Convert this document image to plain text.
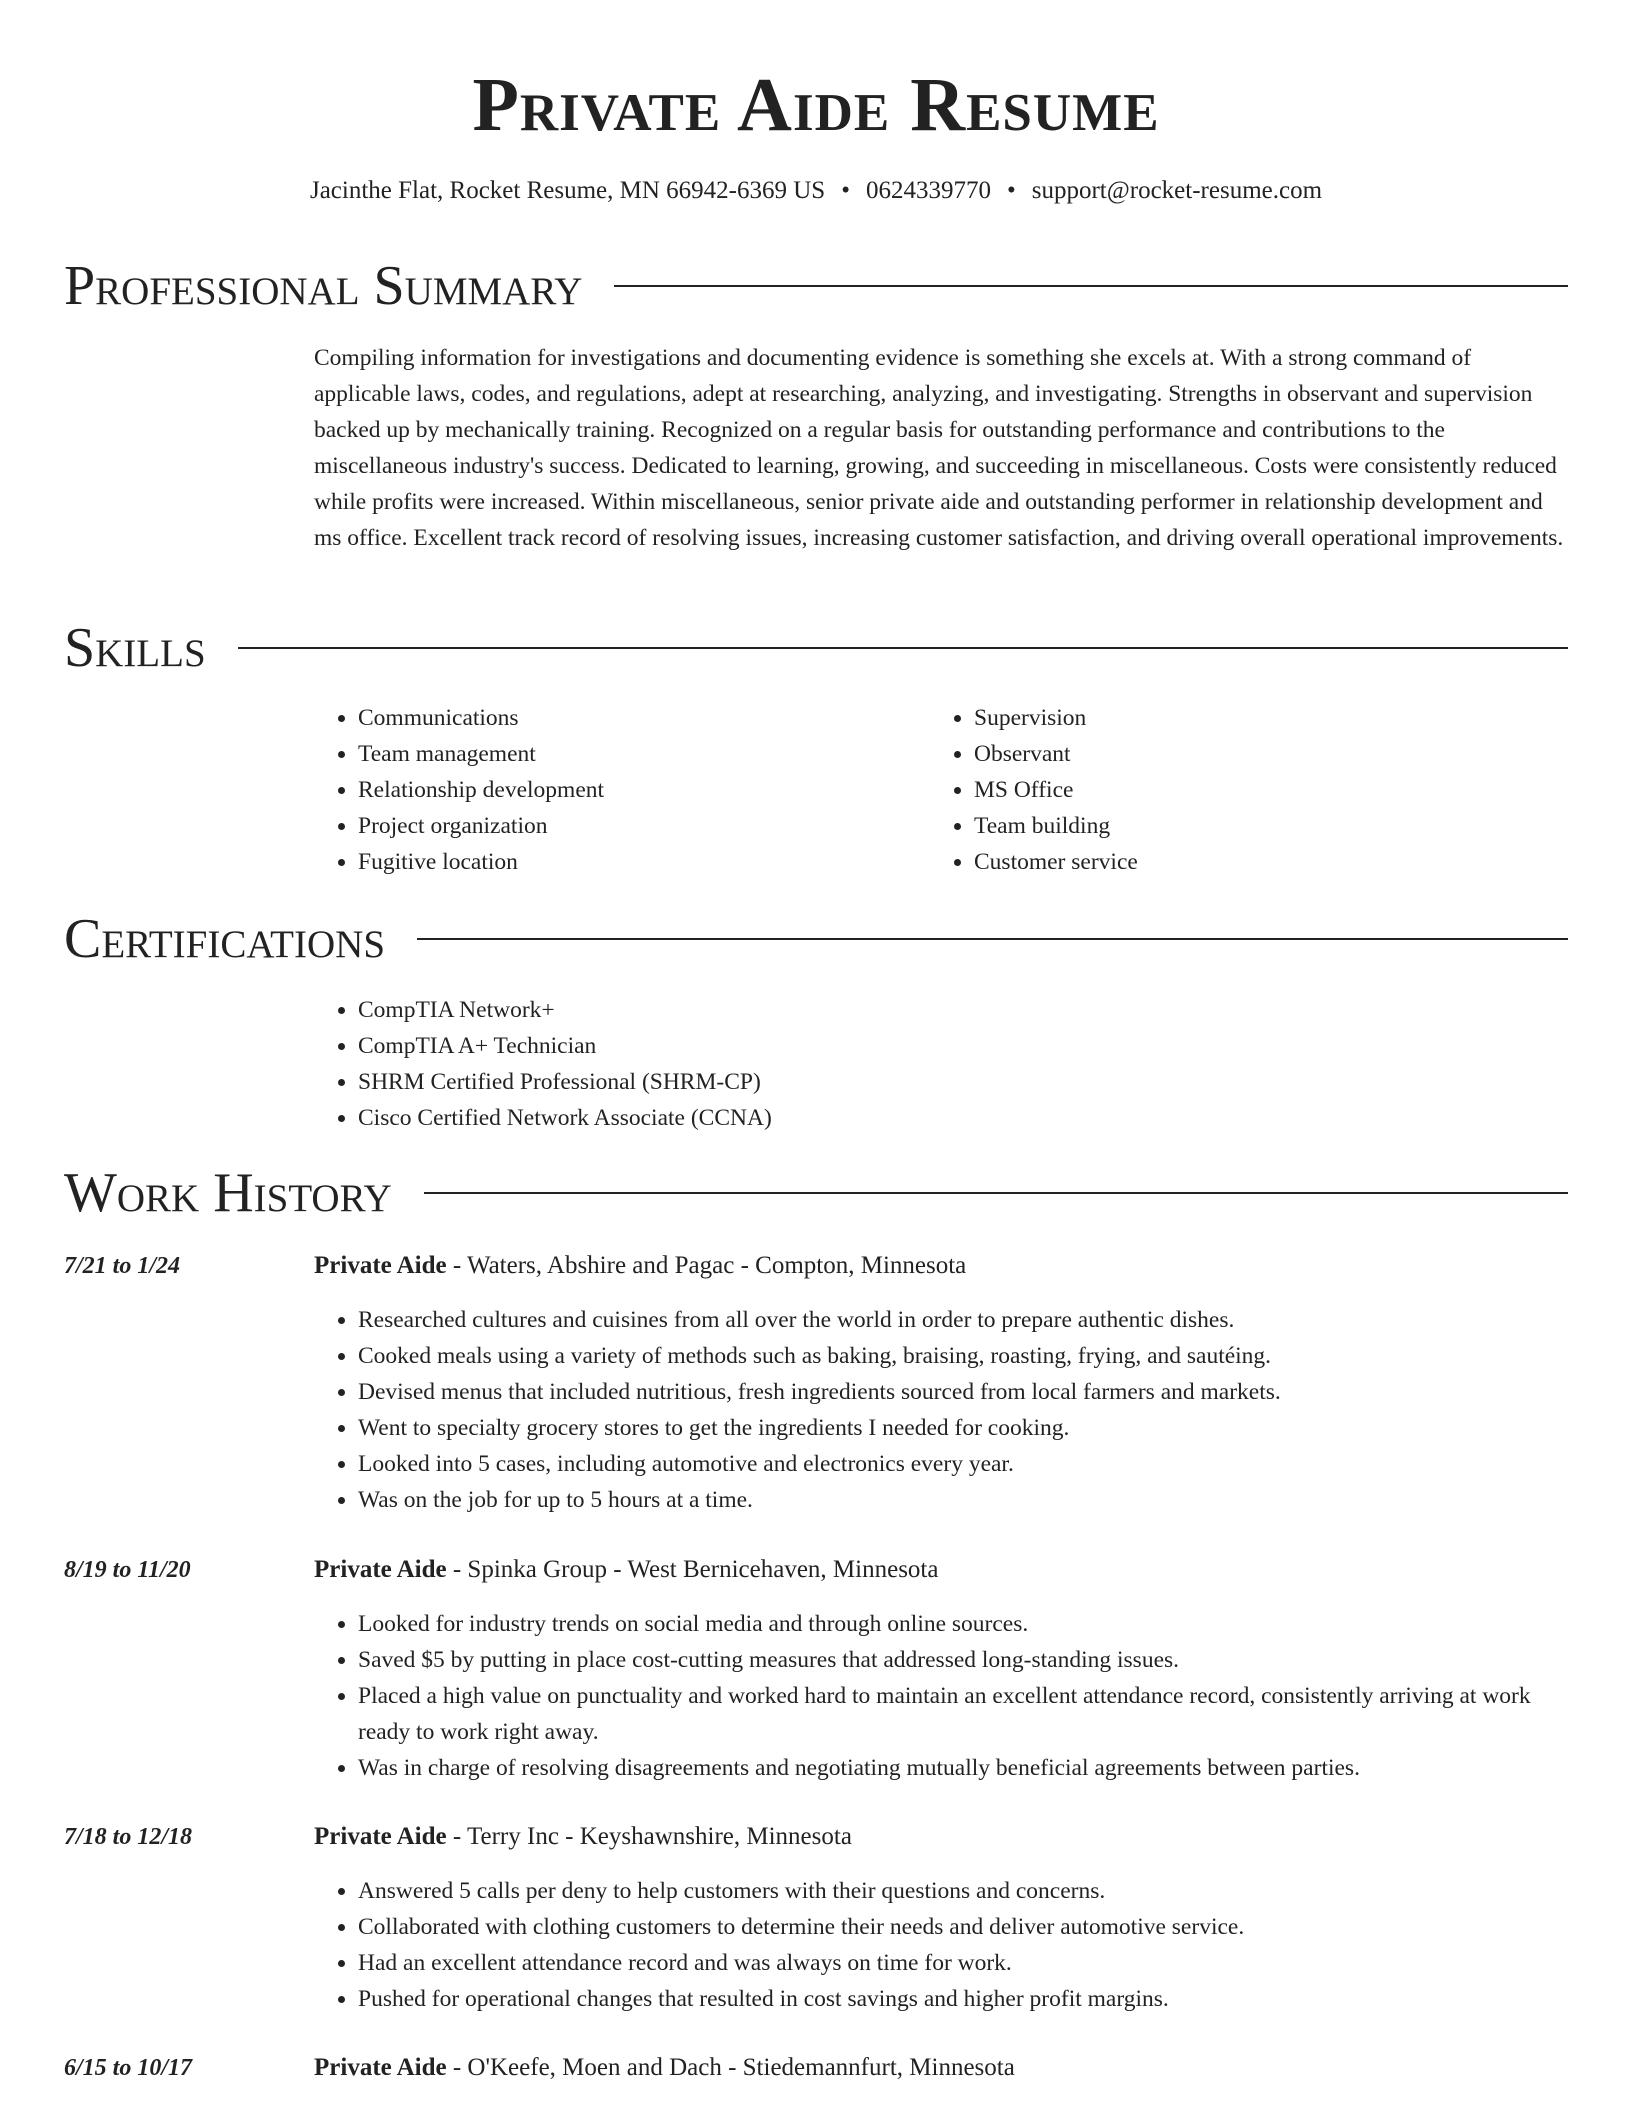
Private Aide Resume
Jacinthe Flat, Rocket Resume, MN 66942-6369 US • 0624339770 • support@rocket-resume.com
Professional Summary

Compiling information for investigations and documenting evidence is something she excels at. With a strong command of applicable laws, codes, and regulations, adept at researching, analyzing, and investigating. Strengths in observant and supervision backed up by mechanically training. Recognized on a regular basis for outstanding performance and contributions to the miscellaneous industry's success. Dedicated to learning, growing, and succeeding in miscellaneous. Costs were consistently reduced while profits were increased. Within miscellaneous, senior private aide and outstanding performer in relationship development and ms office. Excellent track record of resolving issues, increasing customer satisfaction, and driving overall operational improvements.

Skills
• Communications
• Team management
• Relationship development
• Project organization
• Fugitive location
• Supervision
• Observant
• MS Office
• Team building
• Customer service
Certifications
• CompTIA Network+
• CompTIA A+ Technician
• SHRM Certified Professional (SHRM-CP)
• Cisco Certified Network Associate (CCNA)
Work History
7/21 to 1/24	Private Aide - Waters, Abshire and Pagac - Compton, Minnesota
• Researched cultures and cuisines from all over the world in order to prepare authentic dishes.
• Cooked meals using a variety of methods such as baking, braising, roasting, frying, and sautéing.
• Devised menus that included nutritious, fresh ingredients sourced from local farmers and markets.
• Went to specialty grocery stores to get the ingredients I needed for cooking.
• Looked into 5 cases, including automotive and electronics every year.
• Was on the job for up to 5 hours at a time.
8/19 to 11/20	Private Aide - Spinka Group - West Bernicehaven, Minnesota
• Looked for industry trends on social media and through online sources.
• Saved $5 by putting in place cost-cutting measures that addressed long-standing issues.
• Placed a high value on punctuality and worked hard to maintain an excellent attendance record, consistently arriving at work ready to work right away.
• Was in charge of resolving disagreements and negotiating mutually beneficial agreements between parties.
7/18 to 12/18	Private Aide - Terry Inc - Keyshawnshire, Minnesota
• Answered 5 calls per deny to help customers with their questions and concerns.
• Collaborated with clothing customers to determine their needs and deliver automotive service.
• Had an excellent attendance record and was always on time for work.
• Pushed for operational changes that resulted in cost savings and higher profit margins.
6/15 to 10/17	Private Aide - O'Keefe, Moen and Dach - Stiedemannfurt, Minnesota
